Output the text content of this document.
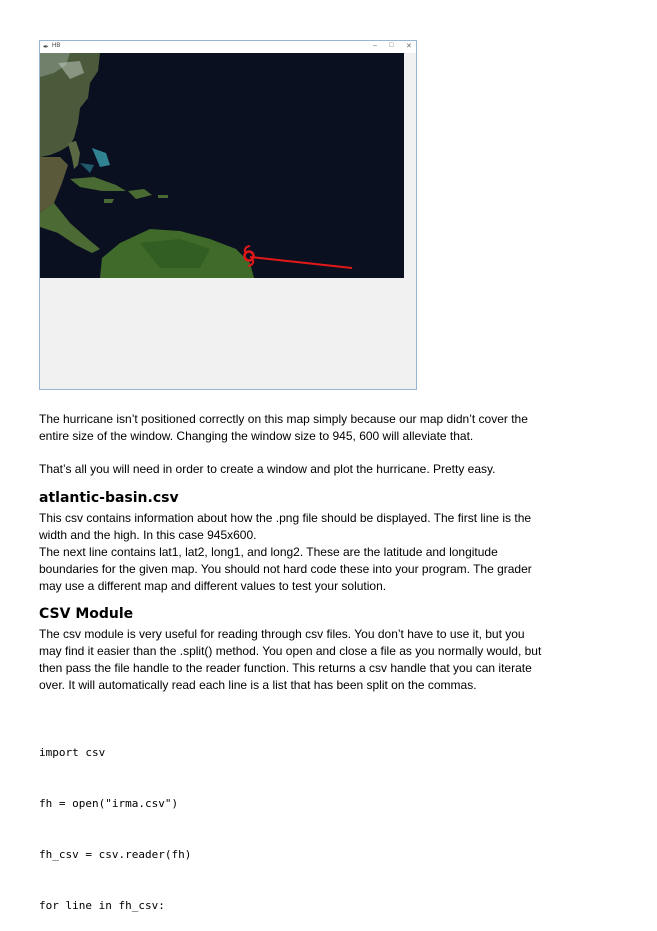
✒ HB	– □ ✕
The hurricane isn’t positioned correctly on this map simply because our map didn’t cover the
entire size of the window. Changing the window size to 945, 600 will alleviate that.
That’s all you will need in order to create a window and plot the hurricane. Pretty easy.
atlantic-basin.csv
This csv contains information about how the .png file should be displayed. The first line is the
width and the high. In this case 945x600.
The next line contains lat1, lat2, long1, and long2. These are the latitude and longitude
boundaries for the given map. You should not hard code these into your program. The grader
may use a different map and different values to test your solution.
CSV Module
The csv module is very useful for reading through csv files. You don’t have to use it, but you
may find it easier than the .split() method. You open and close a file as you normally would, but
then pass the file handle to the reader function. This returns a csv handle that you can iterate
over. It will automatically read each line is a list that has been split on the commas.

import csv

fh = open("irma.csv")

fh_csv = csv.reader(fh)

for line in fh_csv:
